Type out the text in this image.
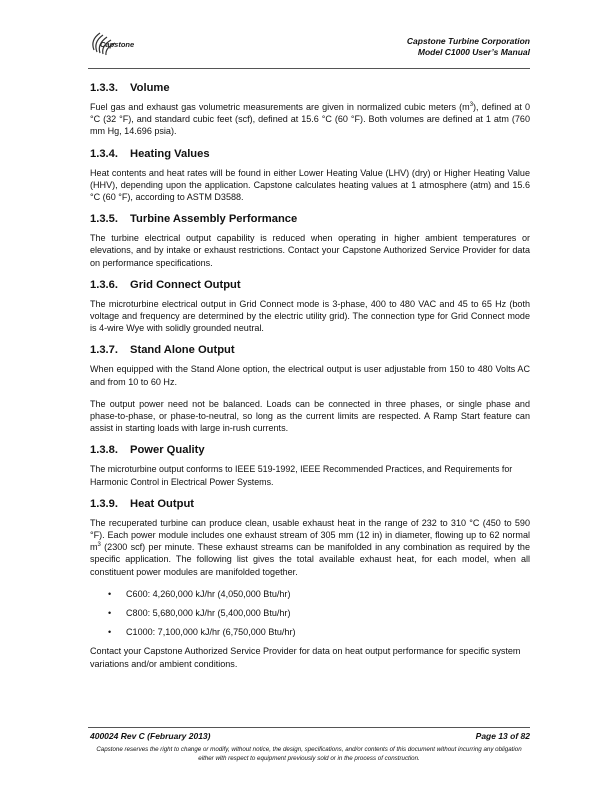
Capstone	Capstone Turbine Corporation
Model C1000 User’s Manual
1.3.3. Volume

Fuel gas and exhaust gas volumetric measurements are given in normalized cubic meters $(m^3)$, defined at 0 °C (32 °F), and standard cubic feet (scf), defined at 15.6 °C (60 °F). Both volumes are defined at 1 atm (760 mm Hg, 14.696 psia).

1.3.4. Heating Values

Heat contents and heat rates will be found in either Lower Heating Value (LHV) (dry) or Higher Heating Value (HHV), depending upon the application. Capstone calculates heating values at 1 atmosphere (atm) and 15.6 °C (60 °F), according to ASTM D3588.

1.3.5. Turbine Assembly Performance

The turbine electrical output capability is reduced when operating in higher ambient temperatures or elevations, and by intake or exhaust restrictions. Contact your Capstone Authorized Service Provider for data on performance specifications.

1.3.6. Grid Connect Output

The microturbine electrical output in Grid Connect mode is 3-phase, 400 to 480 VAC and 45 to 65 Hz (both voltage and frequency are determined by the electric utility grid). The connection type for Grid Connect mode is 4-wire Wye with solidly grounded neutral.

1.3.7. Stand Alone Output

When equipped with the Stand Alone option, the electrical output is user adjustable from 150 to 480 Volts AC and from 10 to 60 Hz.

The output power need not be balanced. Loads can be connected in three phases, or single phase and phase-to-phase, or phase-to-neutral, so long as the current limits are respected. A Ramp Start feature can assist in starting loads with large in-rush currents.

1.3.8. Power Quality

The microturbine output conforms to IEEE 519-1992, IEEE Recommended Practices, and Requirements for Harmonic Control in Electrical Power Systems.

1.3.9. Heat Output

The recuperated turbine can produce clean, usable exhaust heat in the range of 232 to 310 °C (450 to 590 °F). Each power module includes one exhaust stream of 305 mm (12 in) in diameter, flowing up to 62 normal $m^3$ (2300 scf) per minute. These exhaust streams can be manifolded in any combination as required by the specific application. The following list gives the total available exhaust heat, for each model, when all constituent power modules are manifolded together.

• C600: 4,260,000 kJ/hr (4,050,000 Btu/hr)
• C800: 5,680,000 kJ/hr (5,400,000 Btu/hr)
• C1000: 7,100,000 kJ/hr (6,750,000 Btu/hr)

Contact your Capstone Authorized Service Provider for data on heat output performance for specific system variations and/or ambient conditions.

400024 Rev C (February 2013)	Page 13 of 82
Capstone reserves the right to change or modify, without notice, the design, specifications, and/or contents of this document without incurring any obligation either with respect to equipment previously sold or in the process of construction.
